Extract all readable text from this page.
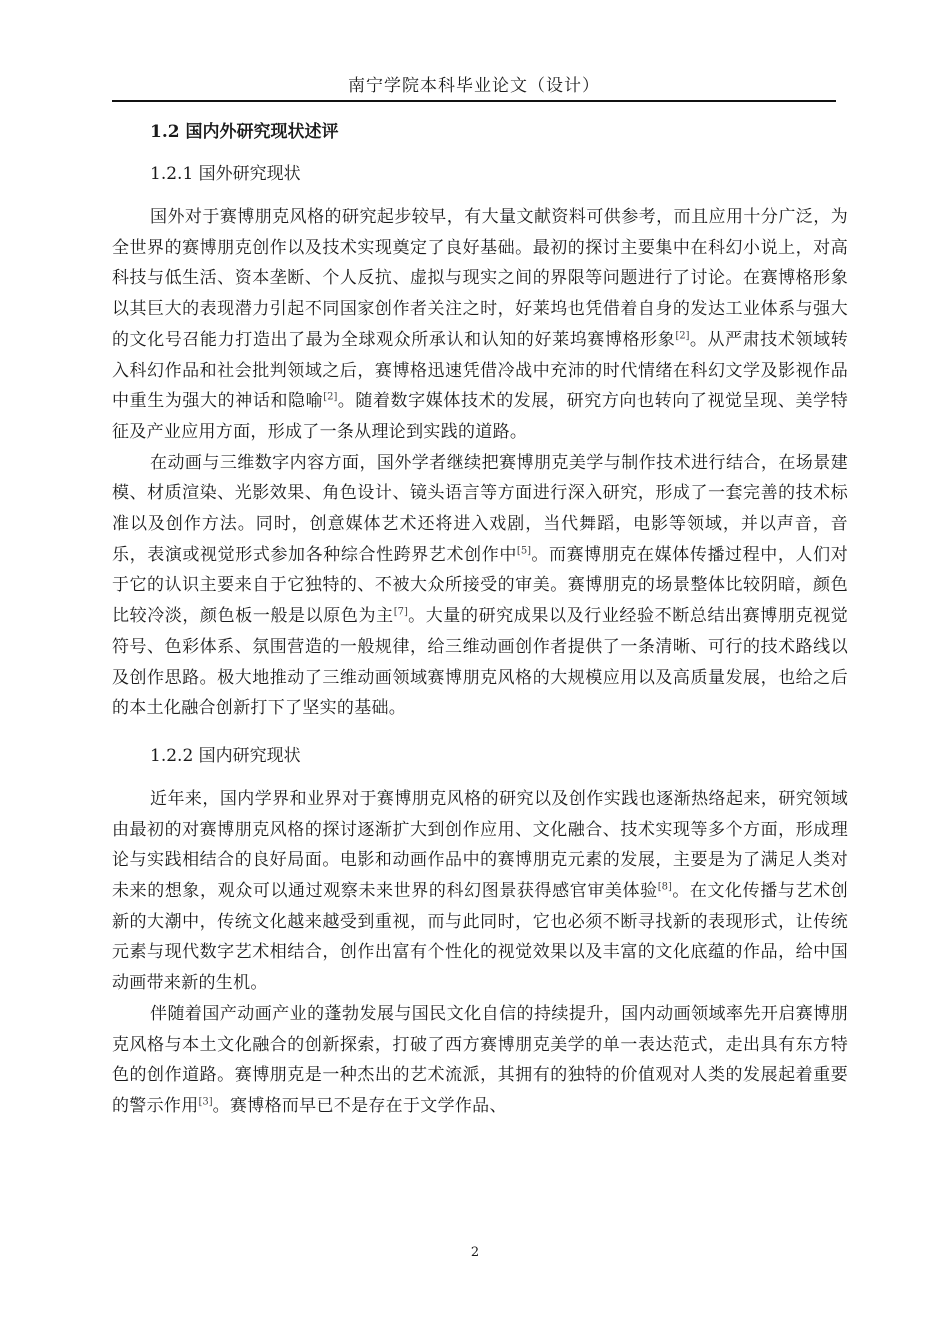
南宁学院本科毕业论文（设计）
1.2 国内外研究现状述评
1.2.1 国外研究现状

国外对于赛博朋克风格的研究起步较早，有大量文献资料可供参考，而且应用十分广泛，为全世界的赛博朋克创作以及技术实现奠定了良好基础。最初的探讨主要集中在科幻小说上，对高科技与低生活、资本垄断、个人反抗、虚拟与现实之间的界限等问题进行了讨论。在赛博格形象以其巨大的表现潜力引起不同国家创作者关注之时，好莱坞也凭借着自身的发达工业体系与强大的文化号召能力打造出了最为全球观众所承认和认知的好莱坞赛博格形象[2]。从严肃技术领域转入科幻作品和社会批判领域之后，赛博格迅速凭借冷战中充沛的时代情绪在科幻文学及影视作品中重生为强大的神话和隐喻[2]。随着数字媒体技术的发展，研究方向也转向了视觉呈现、美学特征及产业应用方面，形成了一条从理论到实践的道路。

在动画与三维数字内容方面，国外学者继续把赛博朋克美学与制作技术进行结合，在场景建模、材质渲染、光影效果、角色设计、镜头语言等方面进行深入研究，形成了一套完善的技术标准以及创作方法。同时，创意媒体艺术还将进入戏剧，当代舞蹈，电影等领域，并以声音，音乐，表演或视觉形式参加各种综合性跨界艺术创作中[5]。而赛博朋克在媒体传播过程中，人们对于它的认识主要来自于它独特的、不被大众所接受的审美。赛博朋克的场景整体比较阴暗，颜色比较冷淡，颜色板一般是以原色为主[7]。大量的研究成果以及行业经验不断总结出赛博朋克视觉符号、色彩体系、氛围营造的一般规律，给三维动画创作者提供了一条清晰、可行的技术路线以及创作思路。极大地推动了三维动画领域赛博朋克风格的大规模应用以及高质量发展，也给之后的本土化融合创新打下了坚实的基础。

1.2.2 国内研究现状

近年来，国内学界和业界对于赛博朋克风格的研究以及创作实践也逐渐热络起来，研究领域由最初的对赛博朋克风格的探讨逐渐扩大到创作应用、文化融合、技术实现等多个方面，形成理论与实践相结合的良好局面。电影和动画作品中的赛博朋克元素的发展，主要是为了满足人类对未来的想象，观众可以通过观察未来世界的科幻图景获得感官审美体验[8]。在文化传播与艺术创新的大潮中，传统文化越来越受到重视，而与此同时，它也必须不断寻找新的表现形式，让传统元素与现代数字艺术相结合，创作出富有个性化的视觉效果以及丰富的文化底蕴的作品，给中国动画带来新的生机。

伴随着国产动画产业的蓬勃发展与国民文化自信的持续提升，国内动画领域率先开启赛博朋克风格与本土文化融合的创新探索，打破了西方赛博朋克美学的单一表达范式，走出具有东方特色的创作道路。赛博朋克是一种杰出的艺术流派，其拥有的独特的价值观对人类的发展起着重要的警示作用[3]。赛博格而早已不是存在于文学作品、

2
